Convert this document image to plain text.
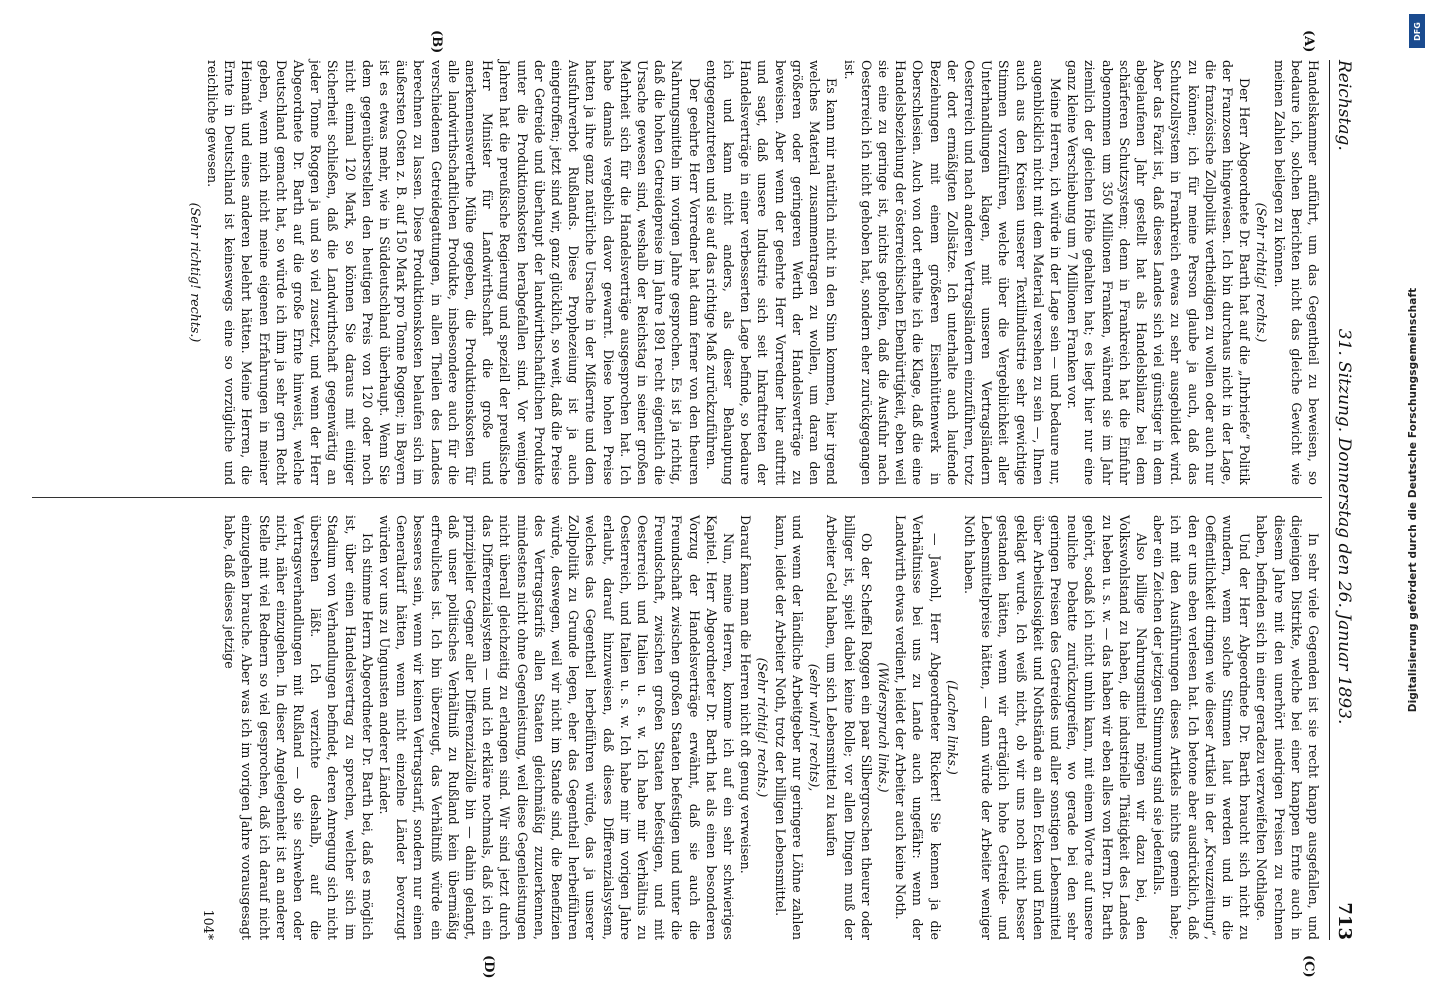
Reichstag.
31. Sitzung. Donnerstag den 26. Januar 1893.
713
(A)
(B)
(C)
(D)

Handelskammer anführt, um das Gegentheil zu beweisen, so bedaure ich, solchen Berichten nicht das gleiche Gewicht wie meinen Zahlen beilegen zu können.

(Sehr richtig! rechts.)

Der Herr Abgeordnete Dr. Barth hat auf die „Ihrbriefe“ Politik der Franzosen hingewiesen. Ich bin durchaus nicht in der Lage, die französische Zollpolitik vertheidigen zu wollen oder auch nur zu können; ich für meine Person glaube ja auch, daß das Schutzollsystem in Frankreich etwas zu sehr ausgebildet wird. Aber das Fazit ist, daß dieses Landes sich viel günstiger in dem abgelaufenen Jahr gestellt hat als Handelsbilanz bei dem schärferen Schutzsystem; denn in Frankreich hat die Einfuhr abgenommen um 350 Millionen Franken, während sie im Jahr ziemlich der gleichen Höhe gehalten hat; es liegt hier nur eine ganz kleine Verschiebung um 7 Millionen Franken vor.

Meine Herren, ich würde in der Lage sein — und bedaure nur, augenblicklich nicht mit dem Material versehen zu sein —, Ihnen auch aus den Kreisen unserer Textilindustrie sehr gewichtige Stimmen vorzuführen, welche über die Vergebliichkeit aller Unterhandlungen klagen, mit unseren Vertragsländern Oesterreich und nach anderen Vertragsländern einzuführen, trotz der dort ermäßigten Zollsätze. Ich unterhalte auch laufende Beziehungen mit einem größeren Eisenhüttenwerk in Oberschlesien. Auch von dort erhalte ich die Klage, daß die eine Handelsbeziehung der österreichischen Ebenbürtigkeit, eben weil sie eine zu geringe ist, nichts geholfen, daß die Ausfuhr nach Oesterreich ich nicht gehoben hat, sondern eher zurückgegangen ist.

Es kann mir natürlich nicht in den Sinn kommen, hier irgend welches Material zusammentragen zu wollen, um daran den größeren oder geringeren Werth der Handelsverträge zu beweisen. Aber wenn der geehrte Herr Vorredner hier auftritt und sagt, daß unsere Industrie sich seit Inkrafttreten der Handelsverträge in einer verbesserten Lage befinde, so bedaure ich und kann nicht anders, als dieser Behauptung entgegenzutreten und sie auf das richtige Maß zurückzuführen.

Der geehrte Herr Vorredner hat dann ferner von den theuren Nahrungsmitteln im vorigen Jahre gesprochen. Es ist ja richtig, daß die hohen Getreidepreise im Jahre 1891 recht eigentlich die Ursache gewesen sind, weshalb der Reichstag in seiner großen Mehrheit sich für die Handelsverträge ausgesprochen hat. Ich habe damals vergeblich davor gewarnt. Diese hohen Preise hatten ja ihre ganz natürliche Ursache in der Mißernte und dem Ausfuhrverbot Rußlands. Diese Prophezeiung ist ja auch eingetroffen; jetzt sind wir, ganz glücklich, so weit, daß die Preise der Getreide und überhaupt der landwirthschaftlichen Produkte unter die Produktionskosten herabgefallen sind. Vor wenigen Jahren hat die preußische Regierung und speziell der preußische Herr Minister für Landwirthschaft die große und anerkennenswerthe Mühe gegeben, die Produktionskosten für alle landwirthschaftlichen Produkte, insbesondere auch für die verschiedenen Getreidegattungen, in allen Theilen des Landes berechnen zu lassen. Diese Produktionskosten belaufen sich im äußersten Osten z. B. auf 150 Mark pro Tonne Roggen; in Bayern ist es etwas mehr, wie in Süddeutschland überhaupt. Wenn Sie dem gegenüberstellen den heutigen Preis von 120 oder noch nicht einmal 120 Mark, so können Sie daraus mit einiger Sicherheit schließen, daß die Landwirthschaft gegenwärtig an jeder Tonne Roggen ja und so viel zusetzt, und wenn der Herr Abgeordnete Dr. Barth auf die große Ernte hinweist, welche Deutschland gemacht hat, so würde ich ihm ja sehr gern Recht geben, wenn mich nicht meine eigenen Erfahrungen in meiner Heimath und eines anderen belehrt hätten. Meine Herren, die Ernte in Deutschland ist keineswegs eine so vorzügliche und reichliche gewesen.

(Sehr richtig! rechts.)

In sehr viele Gegenden ist sie recht knapp ausgefallen, und diejenigen Distrikte, welche bei einer knappen Ernte auch in diesem Jahre mit den unerhört niedrigen Preisen zu rechnen haben, befinden sich in einer geradezu verzweifelten Nothlage.

Und der Herr Abgeordnete Dr. Barth braucht sich nicht zu wundern, wenn solche Stimmen laut werden und in die Oeffentlichkeit dringen wie dieser Artikel in der „Kreuzzeitung“, den er uns eben verlesen hat. Ich betone aber ausdrücklich, daß ich mit den Ausführungen dieses Artikels nichts gemein habe; aber ein Zeichen der jetzigen Stimmung sind sie jedenfalls.

Also billige Nahrungsmittel mögen wir dazu bei, den Volkswohlstand zu haben, die industrielle Thätigkeit des Landes zu heben u. s. w. — das haben wir eben alles von Herrn Dr. Barth gehört, sodaß ich nicht umhin kann, mit einem Worte auf unsere neuliche Debatte zurückzugreifen, wo gerade bei den sehr geringen Preisen des Getreides und aller sonstigen Lebensmittel über Arbeitslosigkeit und Nothstände an allen Ecken und Enden geklagt wurde. Ich weiß nicht, ob wir uns noch nicht besser gestanden hätten, wenn wir erträglich hohe Getreide- und Lebensmittelpreise hätten, — dann würde der Arbeiter weniger Noth haben.

(Lachen links.)

— Jawohl, Herr Abgeordneter Rickert! Sie kennen ja die Verhältnisse bei uns zu Lande auch ungefähr: wenn der Landwirth etwas verdient, leidet der Arbeiter auch keine Noth.

(Widerspruch links.)

Ob der Scheffel Roggen ein paar Silbergroschen theurer oder billiger ist, spielt dabei keine Rolle; vor allen Dingen muß der Arbeiter Geld haben, um sich Lebensmittel zu kaufen

(sehr wahr! rechts),

und wenn der ländliche Arbeitgeber nur geringere Löhne zahlen kann, leidet der Arbeiter Noth, trotz der billigen Lebensmittel.

(Sehr richtig! rechts.)

Darauf kann man die Herren nicht oft genug verweisen.

Nun, meine Herren, komme ich auf ein sehr schwieriges Kapitel. Herr Abgeordneter Dr. Barth hat als einen besonderen Vorzug der Handelsverträge erwähnt, daß sie auch die Freundschaft zwischen großen Staaten befestigen und unter die Freundschaft, zwischen großen Staaten befestigen, und mit Oesterreich und Italien u. s. w. Ich habe mir Verhältnis zu Oesterreich, und Italien u. s. w. Ich habe mir im vorigen Jahre erlaubt, darauf hinzuweisen, daß dieses Differenzialsystem, welches das Gegentheil herbeiführen würde, das ja unserer Zollpolitik zu Grunde legen, eher das Gegentheil herbeiführen würde, deswegen, weil wir nicht im Stande sind, die Benefizien des Vertragstarifs allen Staaten gleichmäßig zuzuerkennen, mindestens nicht ohne Gegenleistung, weil diese Gegenleistungen nicht überall gleichzeitig zu erlangen sind. Wir sind jetzt durch das Differenzialsystem — und ich erkläre nochmals, daß ich ein prinzipieller Gegner aller Differenzialzölle bin — dahin gelangt, daß unser politisches Verhältniß zu Rußland kein übermäßig erfreuliches ist. Ich bin überzeugt, das Verhältniß würde ein besseres sein, wenn wir keinen Vertragstarif, sondern nur einen Generaltarif hätten, wenn nicht einzelne Länder bevorzugt würden vor uns zu Ungunsten anderer Länder.

Ich stimme Herrn Abgeordneter Dr. Barth bei, daß es möglich ist, über einen Handelsvertrag zu sprechen, welcher sich im Stadium von Verhandlungen befindet, deren Anregung sich nicht übersehen läßt. Ich verzichte deshalb, auf die Vertragsverhandlungen mit Rußland — ob sie schweben oder nicht, näher einzugehen. In dieser Angelegenheit ist an anderer Stelle mit viel Rednern so viel gesprochen, daß ich darauf nicht einzugehen brauche. Aber was ich im vorigen Jahre vorausgesagt habe, daß dieses jetzige

104*
DFG
Digitalisierung gefördert durch die Deutsche Forschungsgemeinschaft
